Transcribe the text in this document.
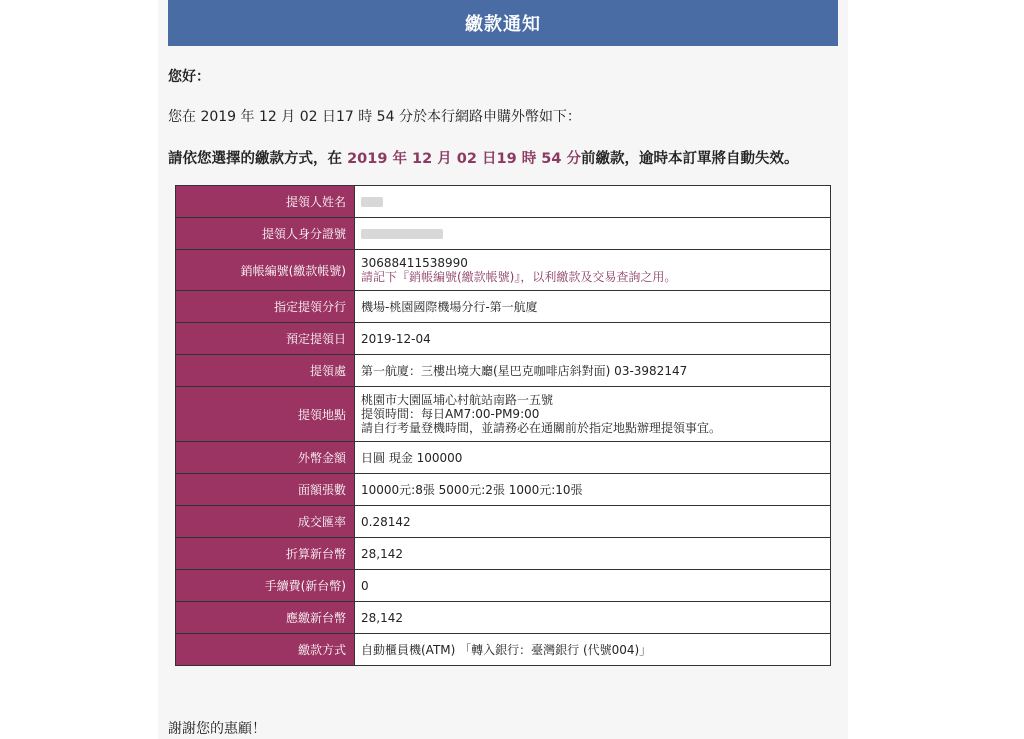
繳款通知
您好：
您在 2019 年 12 月 02 日17 時 54 分於本行網路申購外幣如下：
請依您選擇的繳款方式，在 2019 年 12 月 02 日19 時 54 分前繳款，逾時本訂單將自動失效。
提領人姓名	
提領人身分證號	
銷帳編號(繳款帳號)	30688411538990
請記下『銷帳編號(繳款帳號)』，以利繳款及交易查詢之用。

指定提領分行	機場-桃園國際機場分行-第一航廈
預定提領日	2019-12-04
提領處	第一航廈：三樓出境大廳(星巴克咖啡店斜對面) 03-3982147
提領地點	桃園市大園區埔心村航站南路一五號
提領時間：每日AM7:00-PM9:00
請自行考量登機時間，並請務必在通關前於指定地點辦理提領事宜。

外幣金額	日圓 現金 100000
面額張數	10000元:8張 5000元:2張 1000元:10張
成交匯率	0.28142
折算新台幣	28,142
手續費(新台幣)	0
應繳新台幣	28,142
繳款方式	自動櫃員機(ATM) 「轉入銀行：臺灣銀行 (代號004)」
謝謝您的惠顧！
